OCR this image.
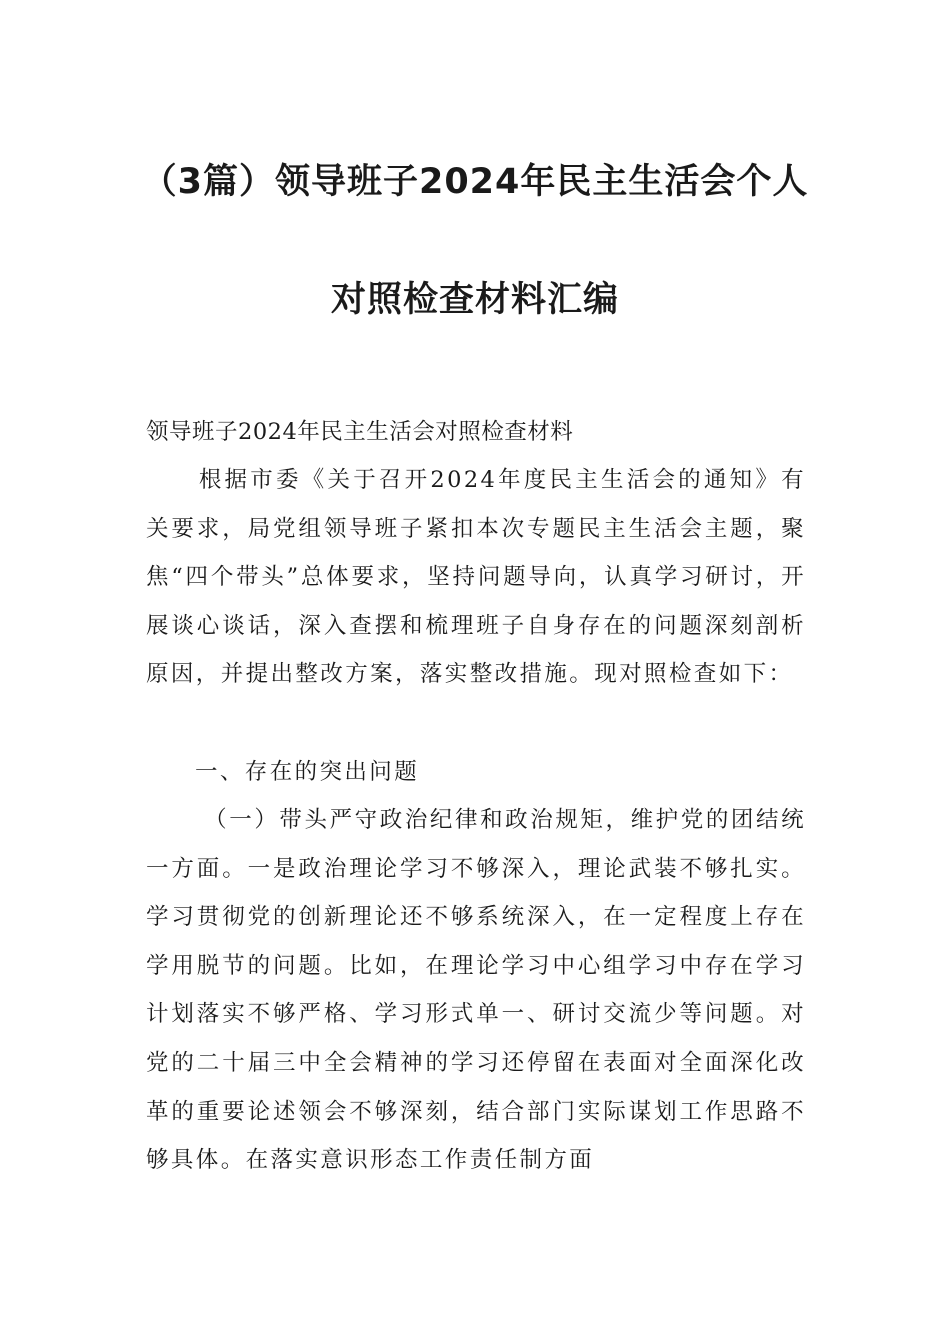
（3篇）领导班子2024年民主生活会个人
对照检查材料汇编

领导班子2024年民主生活会对照检查材料

根据市委《关于召开2024年度民主生活会的通知》有关要求，局党组领导班子紧扣本次专题民主生活会主题，聚焦“四个带头”总体要求，坚持问题导向，认真学习研讨，开展谈心谈话，深入查摆和梳理班子自身存在的问题深刻剖析原因，并提出整改方案，落实整改措施。现对照检查如下：

一、存在的突出问题

（一）带头严守政治纪律和政治规矩，维护党的团结统一方面。一是政治理论学习不够深入，理论武装不够扎实。学习贯彻党的创新理论还不够系统深入，在一定程度上存在学用脱节的问题。比如，在理论学习中心组学习中存在学习计划落实不够严格、学习形式单一、研讨交流少等问题。对党的二十届三中全会精神的学习还停留在表面对全面深化改革的重要论述领会不够深刻，结合部门实际谋划工作思路不够具体。在落实意识形态工作责任制方面
